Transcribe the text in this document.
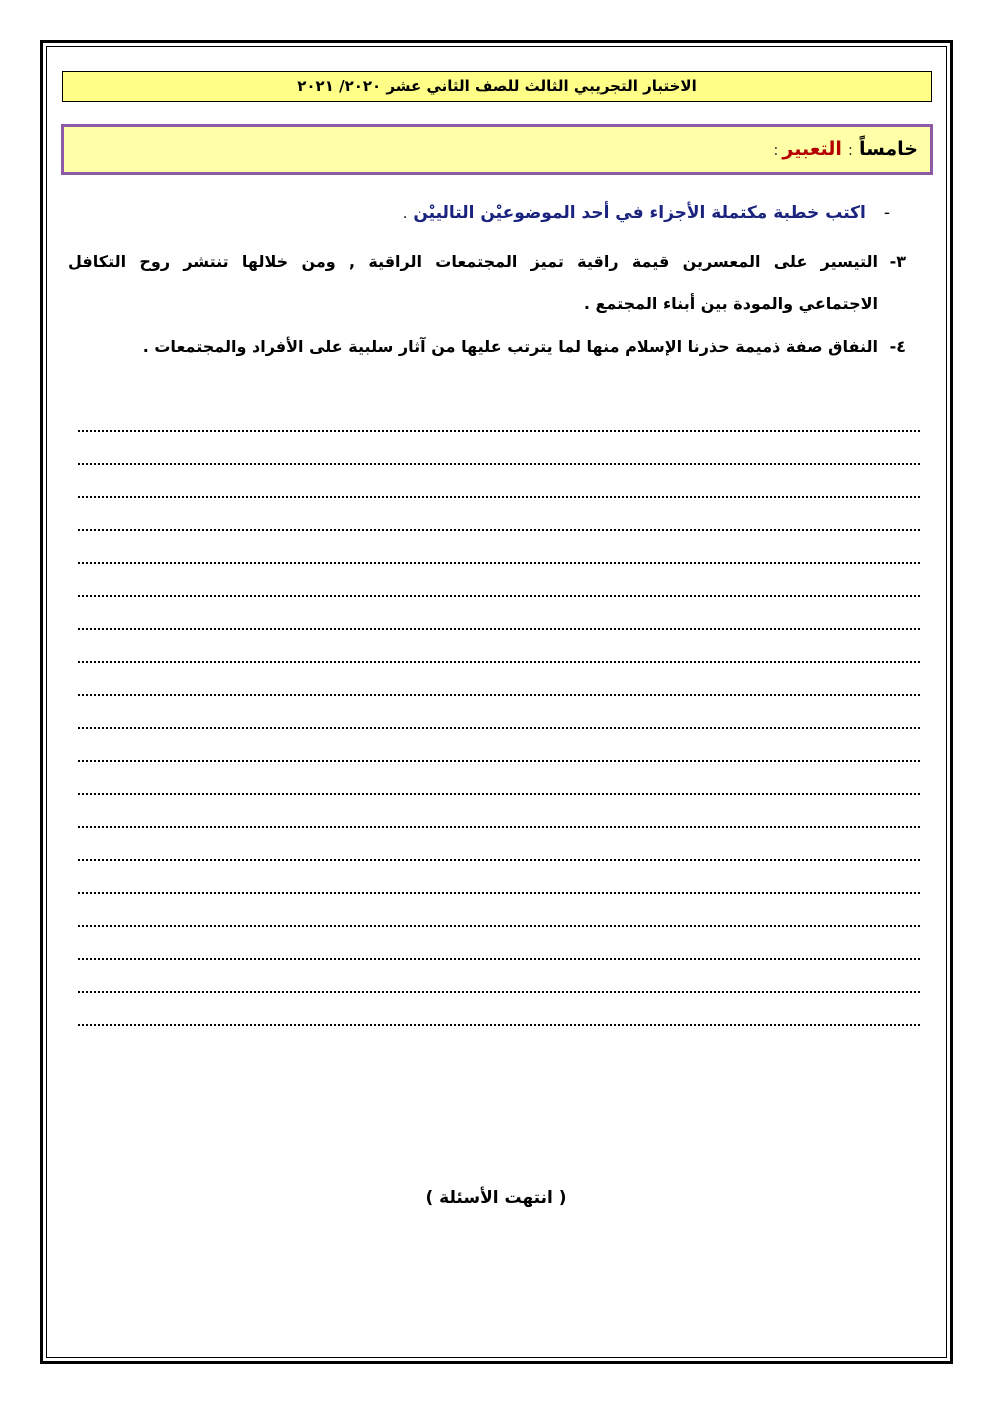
الاختبار التجريبي الثالث للصف الثاني عشر ٢٠٢٠/ ٢٠٢١
خامساً:التعبير:
-اكتب خطبة مكتملة الأجزاء في أحد الموضوعيْن التالييْن.
٣-التيسير على المعسرين قيمة راقية تميز المجتمعات الراقية , ومن خلالها تنتشر روح التكافل
الاجتماعي والمودة بين أبناء المجتمع .
٤-النفاق صفة ذميمة حذرنا الإسلام منها لما يترتب عليها من آثار سلبية على الأفراد والمجتمعات .
( انتهت الأسئلة )
